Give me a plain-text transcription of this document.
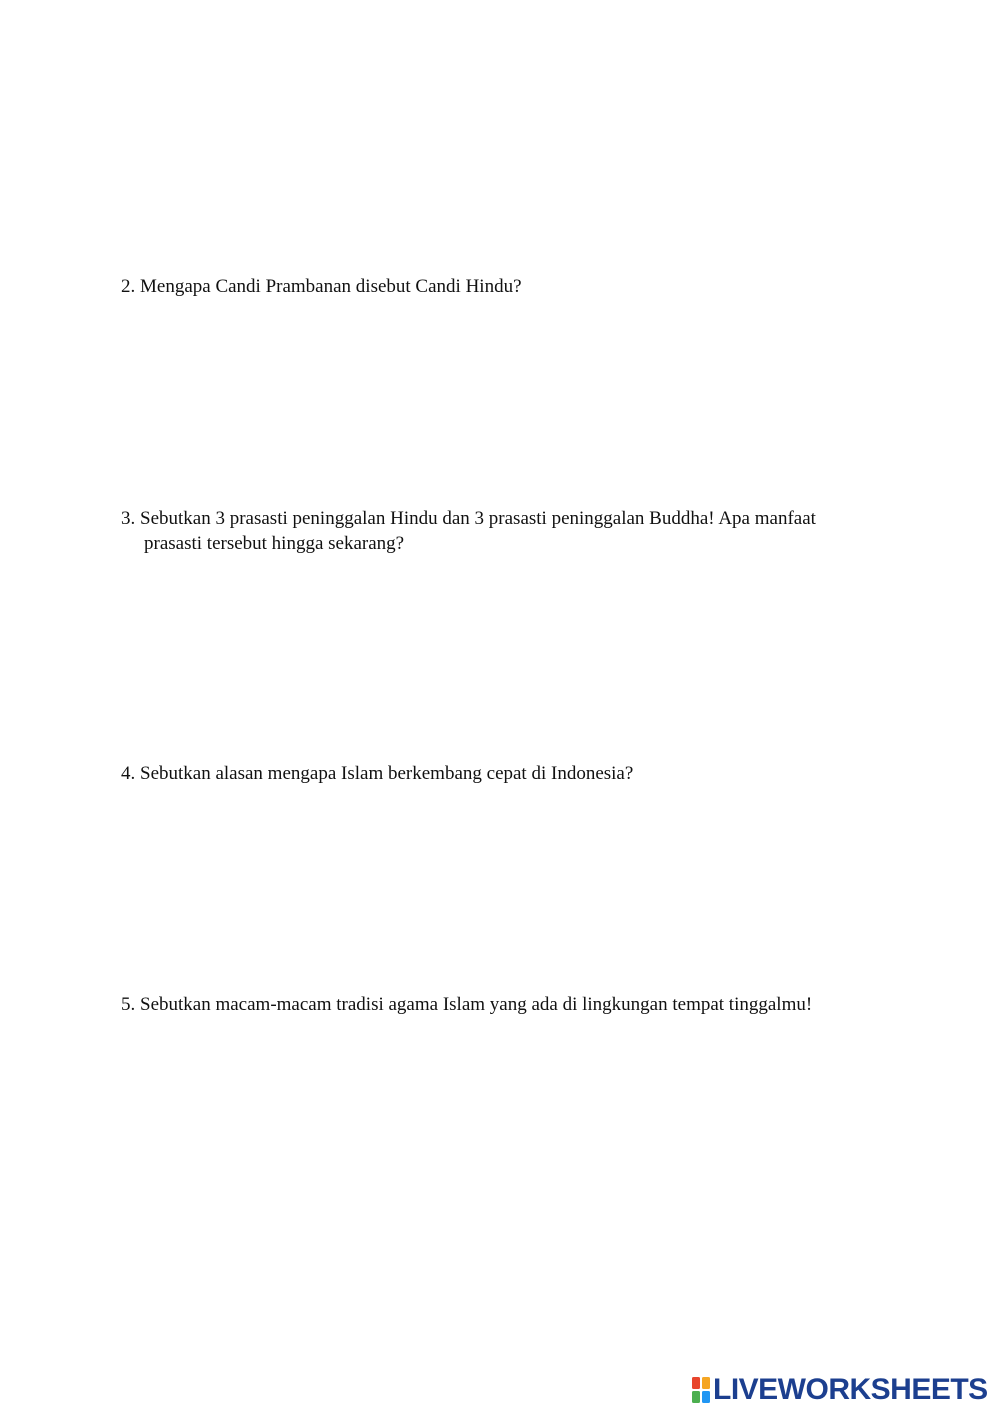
2. Mengapa Candi Prambanan disebut Candi Hindu?
3. Sebutkan 3 prasasti peninggalan Hindu dan 3 prasasti peninggalan Buddha! Apa manfaat
prasasti tersebut hingga sekarang?
4. Sebutkan alasan mengapa Islam berkembang cepat di Indonesia?
5. Sebutkan macam-macam tradisi agama Islam yang ada di lingkungan tempat tinggalmu!
LIVEWORKSHEETS
